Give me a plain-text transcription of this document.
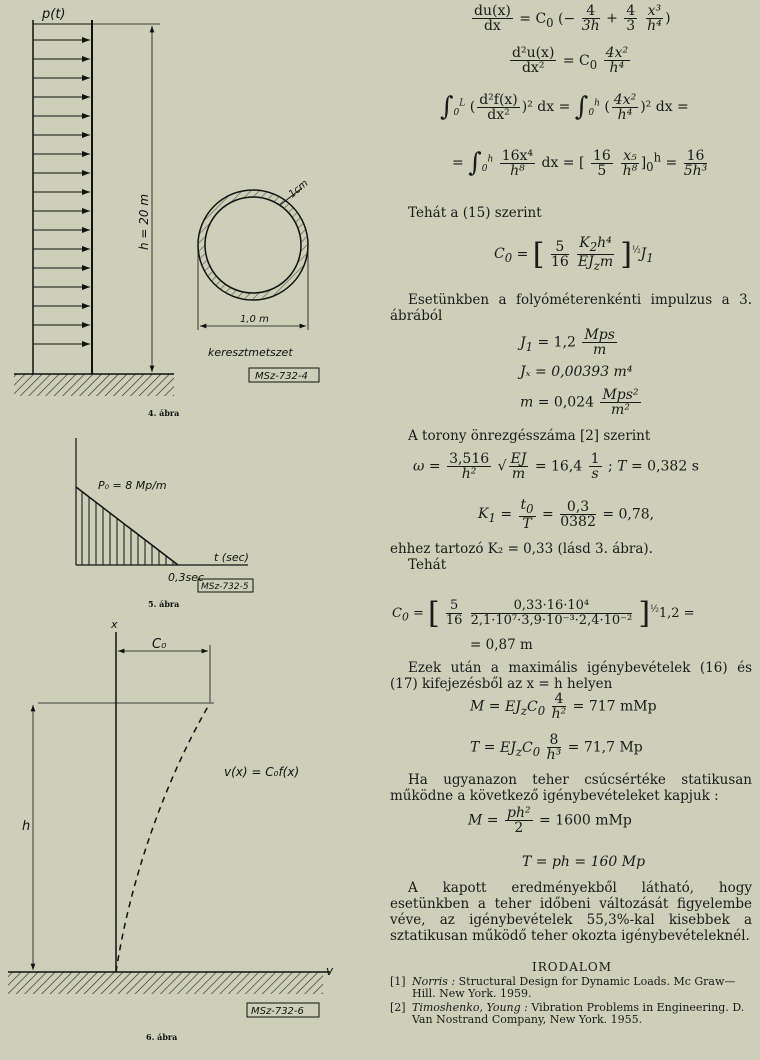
p(t)
h = 20 m
1cm
1,0 m
keresztmetszet
MSz-732-4
4. ábra
P₀ = 8 Mp/m
t (sec)
0,3sec
MSz-732-5
5. ábra
x
C₀
v(x) = C₀f(x)
h
v
MSz-732-6
6. ábra
$\frac{du(x)}{dx} = C_0$ (− $\frac{4}{3h} + \frac{4}{3}$
$\frac{\text{x³}}{\text{h⁴}}$ )
$\frac{\text{d²u(x)}}{\text{dx²}} = C_0 \frac{\text{4x²}}{\text{h⁴}}$
$\int_0^L$ ( $\frac{\text{d²f(x)}}{\text{dx²}} )^2$ dx = $\int_0^h$ ( $\frac{\text{4x²}}{\text{h⁴}} )^2$ dx =
= $\int_0^h \frac{\text{16x⁴}}{\text{h⁸}}$ dx = [ $\frac{16}{5}$
$\frac{\text{x₅}}{\text{h⁸}} ]_0^h = \frac{16}{\text{5h³}}$
Tehát a (15) szerint
$C_0$ = [ $\frac{5}{16}$
$\frac{K_2h^4}{EJ_zm} ]^{\frac{1}{2}}J_1$
Esetünkben a folyóméterenkénti impulzus a 3. ábrából
$J_1 = 1,2 \frac{\text{Mps}}{m}$
Jₓ = 0,00393 m⁴
$m = 0,024 \frac{\text{Mps²}}{\text{m²}}$
A torony önrezgésszáma [2] szerint
$\omega = \frac{3,516}{\text{h²}}$ √ $\frac{EJ}{m} = 16,4 \frac{1}{s}$ ; T = 0,382 s
$K_1 = \frac{t_0}{T} = \frac{0,3}{0382} = 0,78$,
ehhez tartozó K₂ = 0,33 (lásd 3. ábra).
Tehát
$C_0$ = [ $\frac{5}{16}$
$\frac{\text{0,33·16·10⁴}}{\text{2,1·10⁷·3,9·10⁻³·2,4·10⁻²}} ]^{\frac{1}{2}}1,2$ =
= 0,87 m
Ezek után a maximális igénybevételek (16) és (17) kifejezésből az x = h helyen
$M = EJ_zC_0 \frac{4}{\text{h²}} = 717$ mMp
$T = EJ_zC_0 \frac{8}{\text{h³}} = 71,7$ Mp
Ha ugyanazon teher csúcsértéke statikusan működne a következő igénybevételeket kapjuk :
$M = \frac{\text{ph²}}{2} = 1600$ mMp
T = ph = 160 Mp
A kapott eredményekből látható, hogy esetünkben a teher időbeni változását figyelembe véve, az igénybevételek 55,3%-kal kisebbek a sztatikusan működő teher okozta igénybevételeknél.
IRODALOM
[1] Norris : Structural Design for Dynamic Loads. Mc Graw—Hill. New York. 1959.
[2] Timoshenko, Young : Vibration Problems in Engineering. D. Van Nostrand Company, New York. 1955.
